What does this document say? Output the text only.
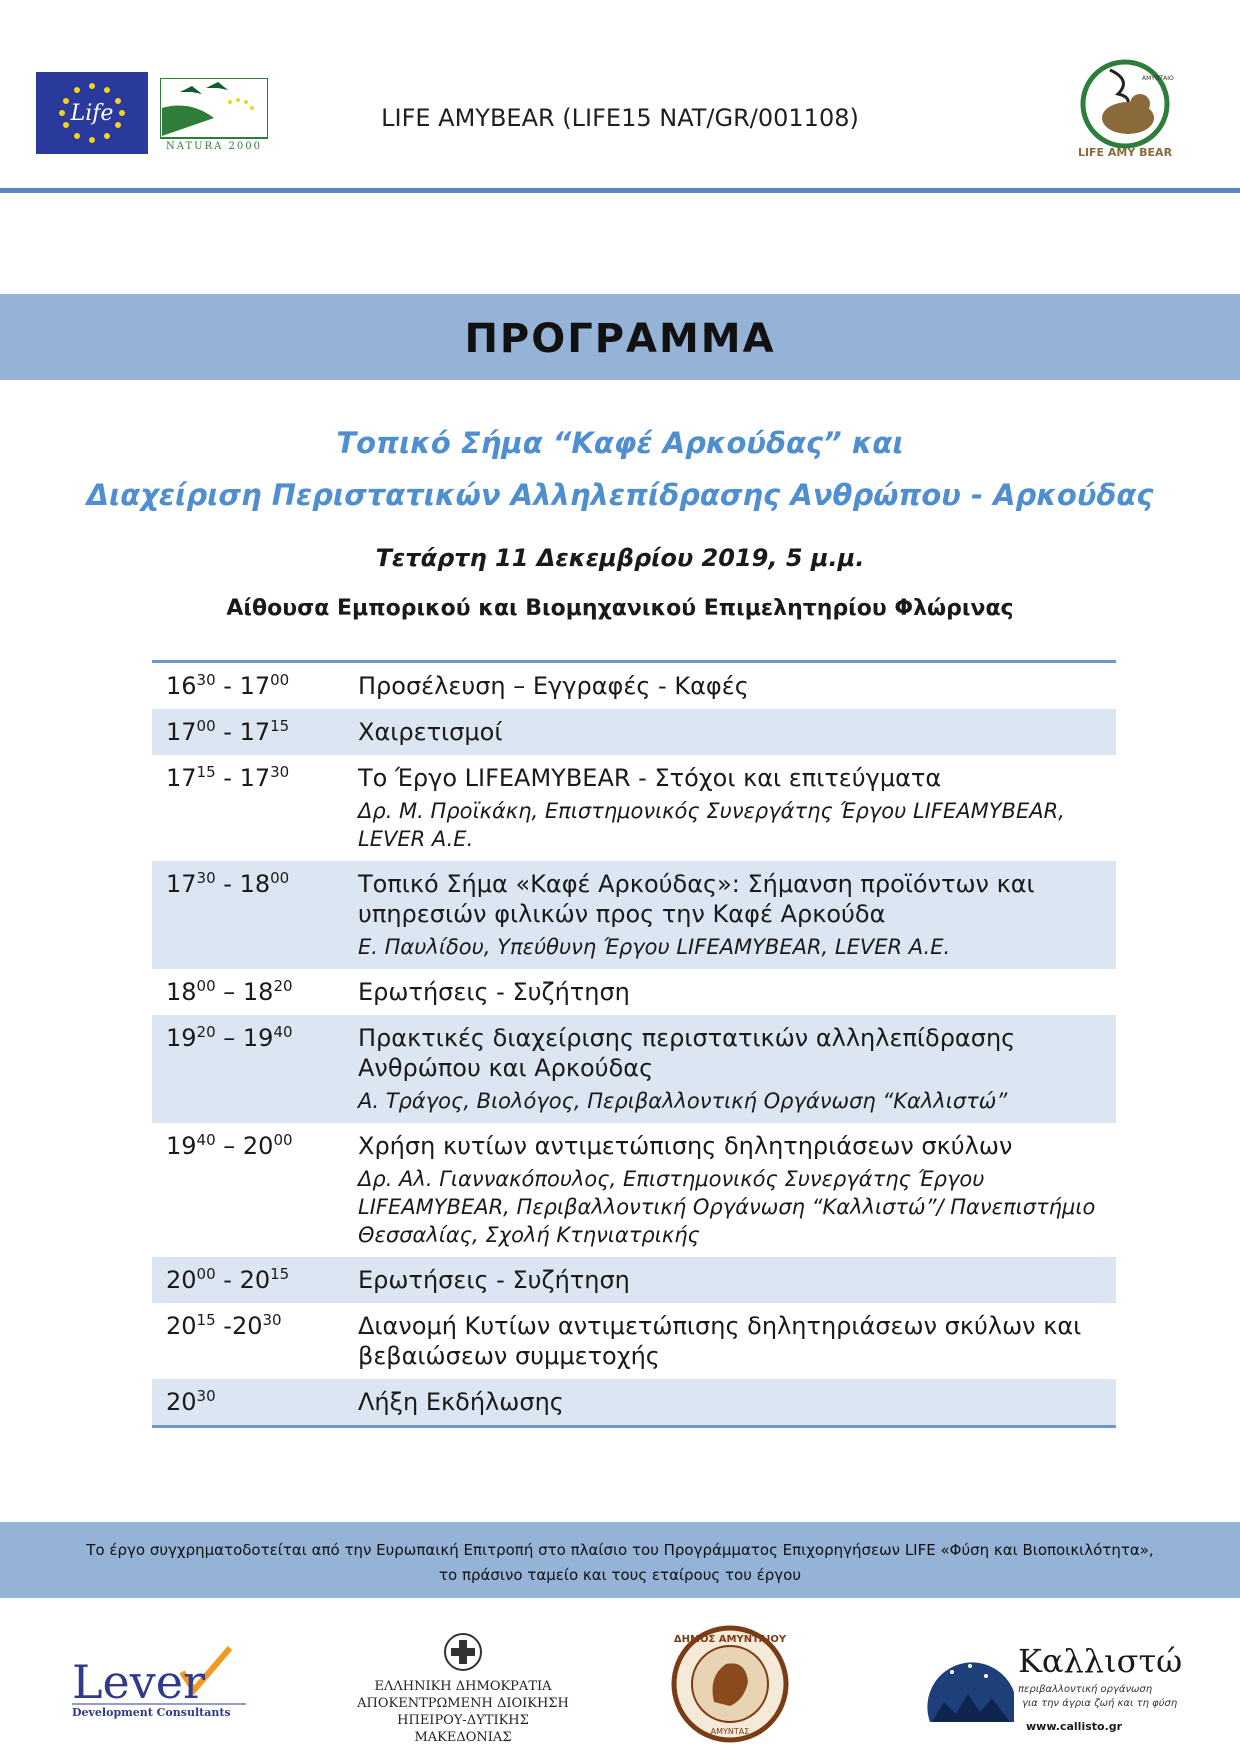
Life
NATURA 2000
LIFE AMYBEAR (LIFE15 NAT/GR/001108)
ΑΜΥΝΤΑΙΟ
LIFE AMY BEAR
ΠΡΟΓΡΑΜΜΑ
Τοπικό Σήμα “Καφέ Αρκούδας” και
Διαχείριση Περιστατικών Αλληλεπίδρασης Ανθρώπου - Αρκούδας
Τετάρτη 11 Δεκεμβρίου 2019, 5 μ.μ.
Αίθουσα Εμπορικού και Βιομηχανικού Επιμελητηρίου Φλώρινας
$16^{30} - 17^{00}$	Προσέλευση – Εγγραφές - Καφές
$17^{00} - 17^{15}$	Χαιρετισμοί
$17^{15} - 17^{30}$	Το Έργο LIFEAMYBEAR - Στόχοι και επιτεύγματα
Δρ. Μ. Προϊκάκη, Επιστημονικός Συνεργάτης Έργου LIFEAMYBEAR, LEVER A.E.
$17^{30} - 18^{00}$	Τοπικό Σήμα «Καφέ Αρκούδας»: Σήμανση προϊόντων και υπηρεσιών φιλικών προς την Καφέ Αρκούδα
Ε. Παυλίδου, Υπεύθυνη Έργου LIFEAMYBEAR, LEVER A.E.
$18^{00} - 18^{20}$	Ερωτήσεις - Συζήτηση
$19^{20} - 19^{40}$	Πρακτικές διαχείρισης περιστατικών αλληλεπίδρασης Ανθρώπου και Αρκούδας
Α. Τράγος, Βιολόγος, Περιβαλλοντική Οργάνωση “Καλλιστώ”
$19^{40} - 20^{00}$	Χρήση κυτίων αντιμετώπισης δηλητηριάσεων σκύλων
Δρ. Αλ. Γιαννακόπουλος, Επιστημονικός Συνεργάτης Έργου LIFEAMYBEAR, Περιβαλλοντική Οργάνωση “Καλλιστώ”/ Πανεπιστήμιο Θεσσαλίας, Σχολή Κτηνιατρικής
$20^{00} - 20^{15}$	Ερωτήσεις - Συζήτηση
$20^{15}$ $-20^{30}$	Διανομή Κυτίων αντιμετώπισης δηλητηριάσεων σκύλων και βεβαιώσεων συμμετοχής
$20^{30}$	Λήξη Εκδήλωσης
Το έργο συγχρηματοδοτείται από την Ευρωπαική Επιτροπή στο πλαίσιο του Προγράμματος Επιχορηγήσεων LIFE «Φύση και Βιοποικιλότητα»,
το πράσινο ταμείο και τους εταίρους του έργου
Lever
Development Consultants
ΕΛΛΗΝΙΚΗ ΔΗΜΟΚΡΑΤΙΑ
ΑΠΟΚΕΝΤΡΩΜΕΝΗ ΔΙΟΙΚΗΣΗ
ΗΠΕΙΡΟΥ-ΔΥΤΙΚΗΣ ΜΑΚΕΔΟΝΙΑΣ
ΔΗΜΟΣ ΑΜΥΝΤΑΙΟΥ
ΑΜΥΝΤΑΣ
Καλλιστώ
περιβαλλοντική οργάνωση
για την άγρια ζωή και τη φύση
www.callisto.gr
